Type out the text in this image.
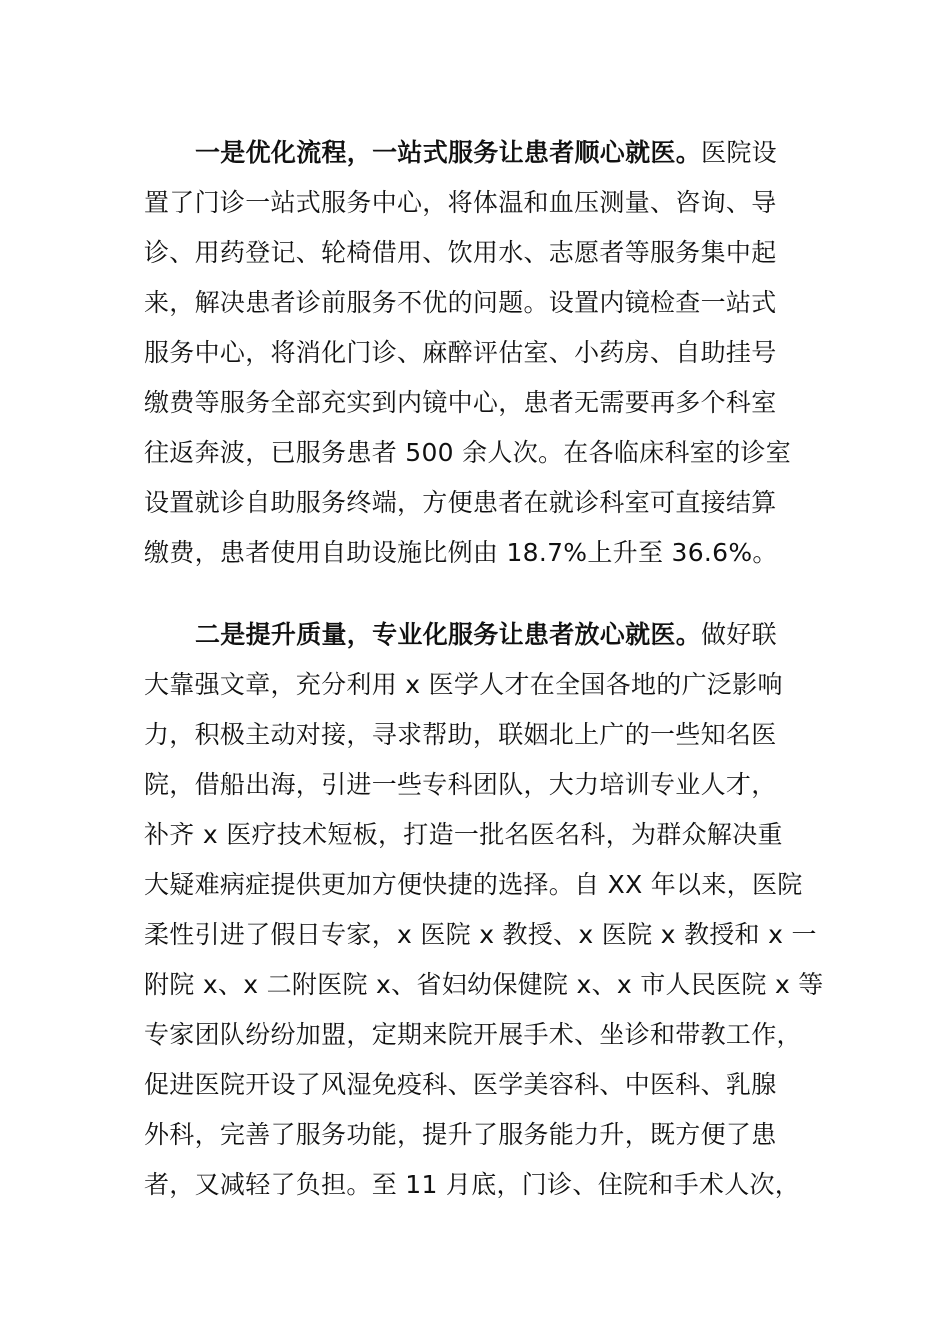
一是优化流程，一站式服务让患者顺心就医。医院设
置了门诊一站式服务中心，将体温和血压测量、咨询、导
诊、用药登记、轮椅借用、饮用水、志愿者等服务集中起
来，解决患者诊前服务不优的问题。设置内镜检查一站式
服务中心，将消化门诊、麻醉评估室、小药房、自助挂号
缴费等服务全部充实到内镜中心，患者无需要再多个科室
往返奔波，已服务患者 500 余人次。在各临床科室的诊室
设置就诊自助服务终端，方便患者在就诊科室可直接结算
缴费，患者使用自助设施比例由 18.7%上升至 36.6%。
二是提升质量，专业化服务让患者放心就医。做好联
大靠强文章，充分利用 x 医学人才在全国各地的广泛影响
力，积极主动对接，寻求帮助，联姻北上广的一些知名医
院，借船出海，引进一些专科团队，大力培训专业人才，
补齐 x 医疗技术短板，打造一批名医名科，为群众解决重
大疑难病症提供更加方便快捷的选择。自 XX 年以来，医院
柔性引进了假日专家，x 医院 x 教授、x 医院 x 教授和 x 一
附院 x、x 二附医院 x、省妇幼保健院 x、x 市人民医院 x 等
专家团队纷纷加盟，定期来院开展手术、坐诊和带教工作，
促进医院开设了风湿免疫科、医学美容科、中医科、乳腺
外科，完善了服务功能，提升了服务能力升，既方便了患
者，又减轻了负担。至 11 月底，门诊、住院和手术人次，
